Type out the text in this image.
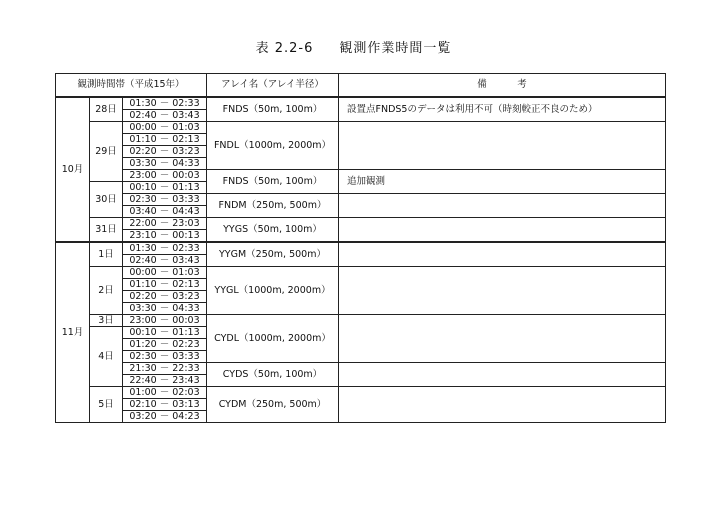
表 2.2-6 観測作業時間一覧
観測時間帯（平成15年）			アレイ名（アレイ半径）	備 考
10月	28日	01:30 － 02:33	FNDS（50m, 100m）	設置点FNDS5のデータは利用不可（時刻較正不良のため）
		02:40 － 03:43		
	29日	00:00 － 01:03	FNDL（1000m, 2000m）	
		01:10 － 02:13		
		02:20 － 03:23		
		03:30 － 04:33		
		23:00 － 00:03	FNDS（50m, 100m）	追加観測
	30日	00:10 － 01:13		
		02:30 － 03:33	FNDM（250m, 500m）	
		03:40 － 04:43		
	31日	22:00 － 23:03	YYGS（50m, 100m）	
		23:10 － 00:13		
11月	1日	01:30 － 02:33	YYGM（250m, 500m）	
		02:40 － 03:43		
	2日	00:00 － 01:03	YYGL（1000m, 2000m）	
		01:10 － 02:13		
		02:20 － 03:23		
		03:30 － 04:33		
	3日	23:00 － 00:03	CYDL（1000m, 2000m）	
	4日	00:10 － 01:13		
		01:20 － 02:23		
		02:30 － 03:33		
		21:30 － 22:33	CYDS（50m, 100m）	
		22:40 － 23:43		
	5日	01:00 － 02:03	CYDM（250m, 500m）	
		02:10 － 03:13		
		03:20 － 04:23		
